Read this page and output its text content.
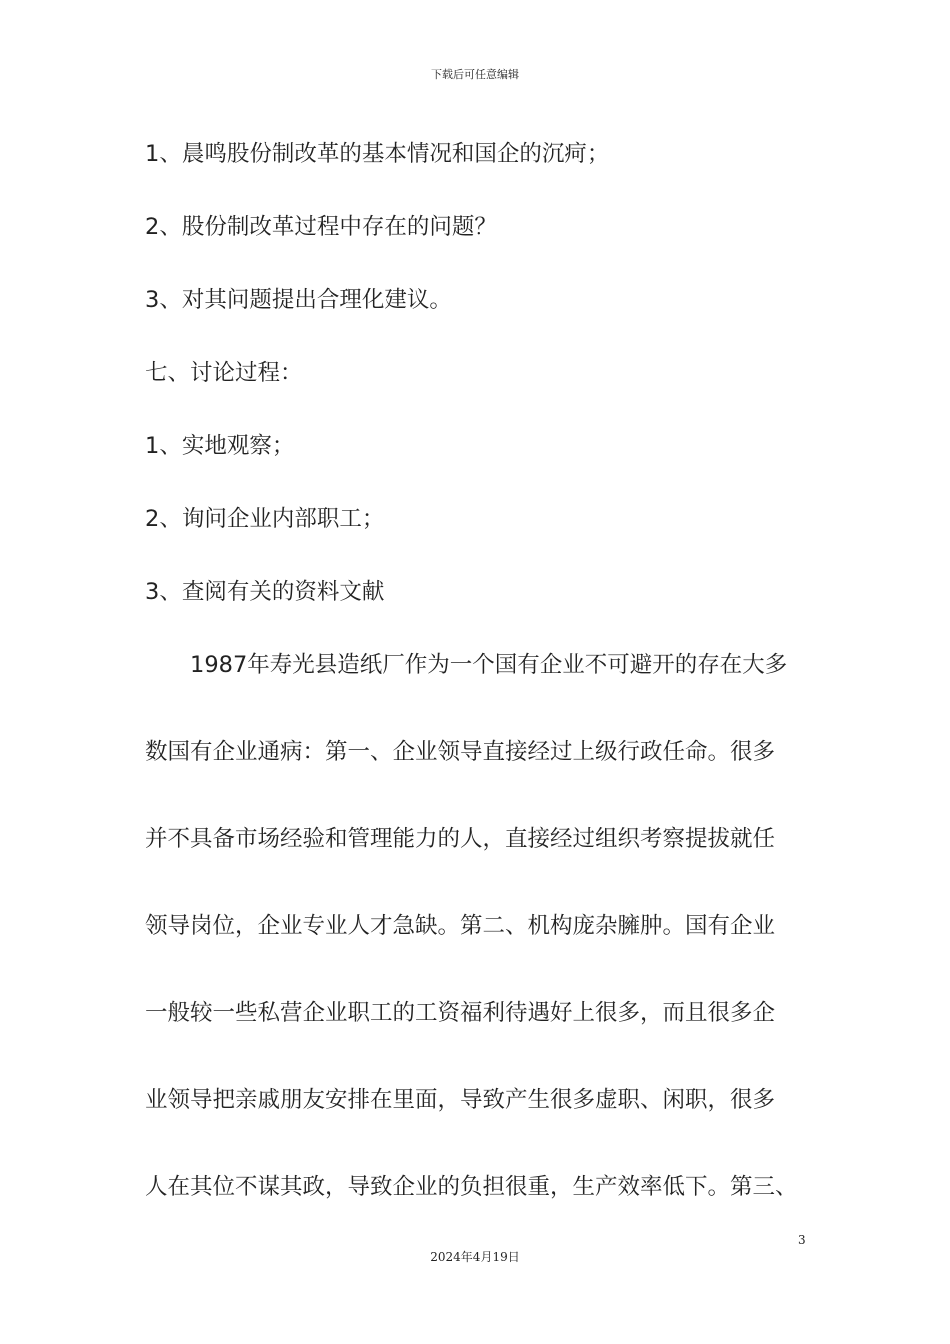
下载后可任意编辑
1、晨鸣股份制改革的基本情况和国企的沉疴；
2、股份制改革过程中存在的问题？
3、对其问题提出合理化建议。
七、讨论过程：
1、实地观察；
2、询问企业内部职工；
3、查阅有关的资料文献
　　1987年寿光县造纸厂作为一个国有企业不可避开的存在大多
数国有企业通病：第一、企业领导直接经过上级行政任命。很多
并不具备市场经验和管理能力的人，直接经过组织考察提拔就任
领导岗位，企业专业人才急缺。第二、机构庞杂臃肿。国有企业
一般较一些私营企业职工的工资福利待遇好上很多，而且很多企
业领导把亲戚朋友安排在里面，导致产生很多虚职、闲职，很多
人在其位不谋其政，导致企业的负担很重，生产效率低下。第三、
3
2024年4月19日
